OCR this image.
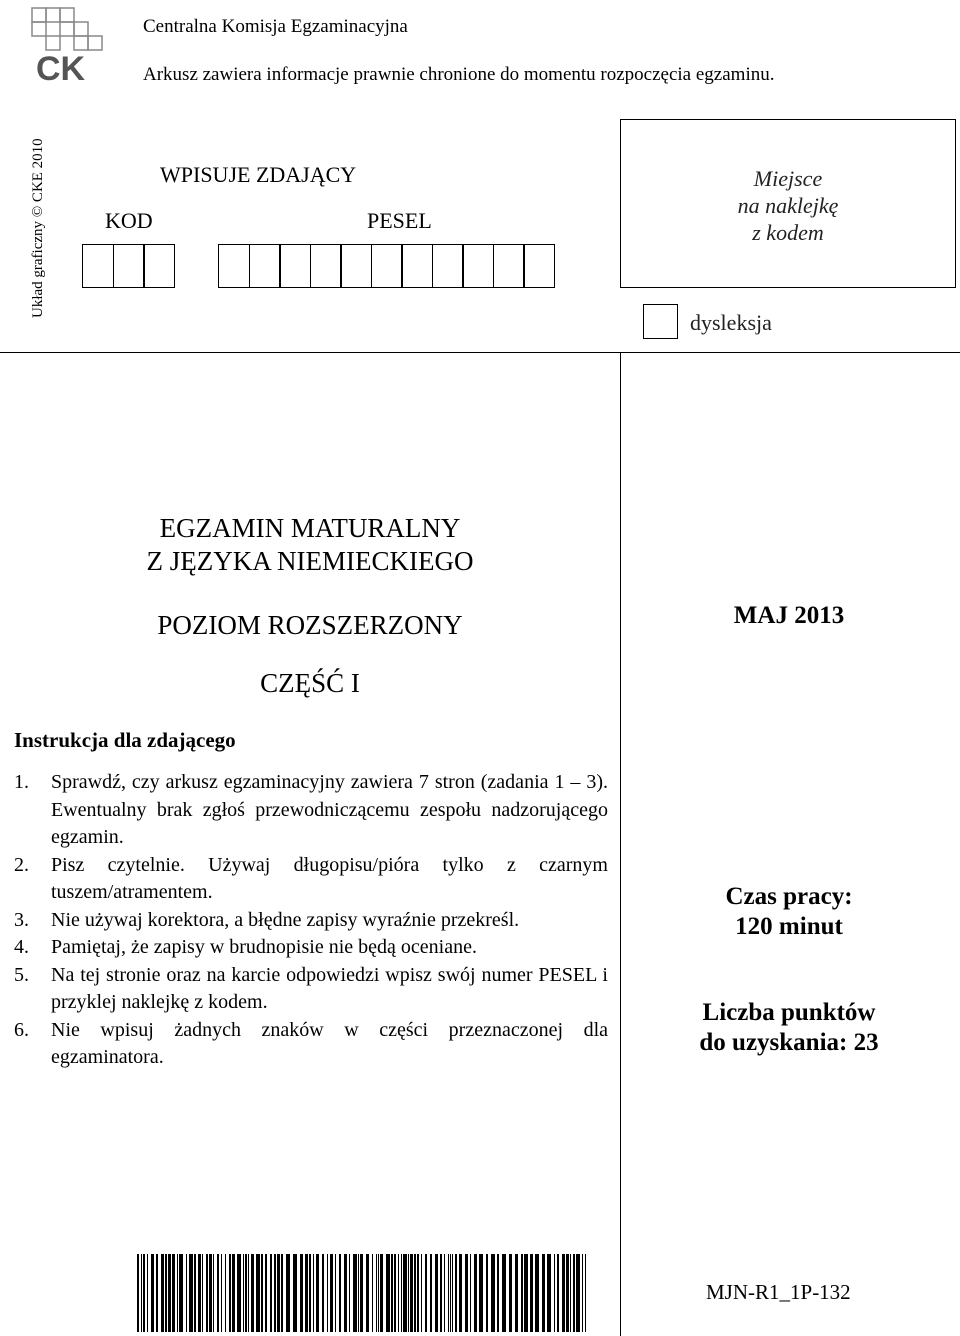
CK
Centralna Komisja Egzaminacyjna
Arkusz zawiera informacje prawnie chronione do momentu rozpoczęcia egzaminu.
Układ graficzny © CKE 2010	WPISUJE ZDAJĄCY
KOD	PESEL
Miejsce
na naklejkę
z kodem
dysleksja
EGZAMIN MATURALNY
Z JĘZYKA NIEMIECKIEGO
POZIOM ROZSZERZONY
CZĘŚĆ I
MAJ 2013
Instrukcja dla zdającego
1.	Sprawdź, czy arkusz egzaminacyjny zawiera 7 stron (zadania 1 – 3). Ewentualny brak zgłoś przewodniczącemu zespołu nadzorującego egzamin.
2.	Pisz czytelnie. Używaj długopisu/pióra tylko z czarnym tuszem/atramentem.
3.	Nie używaj korektora, a błędne zapisy wyraźnie przekreśl.
4.	Pamiętaj, że zapisy w brudnopisie nie będą oceniane.
5.	Na tej stronie oraz na karcie odpowiedzi wpisz swój numer PESEL i przyklej naklejkę z kodem.
6.	Nie wpisuj żadnych znaków w części przeznaczonej dla egzaminatora.
Czas pracy:
120 minut
Liczba punktów
do uzyskania: 23
MJN-R1_1P-132
